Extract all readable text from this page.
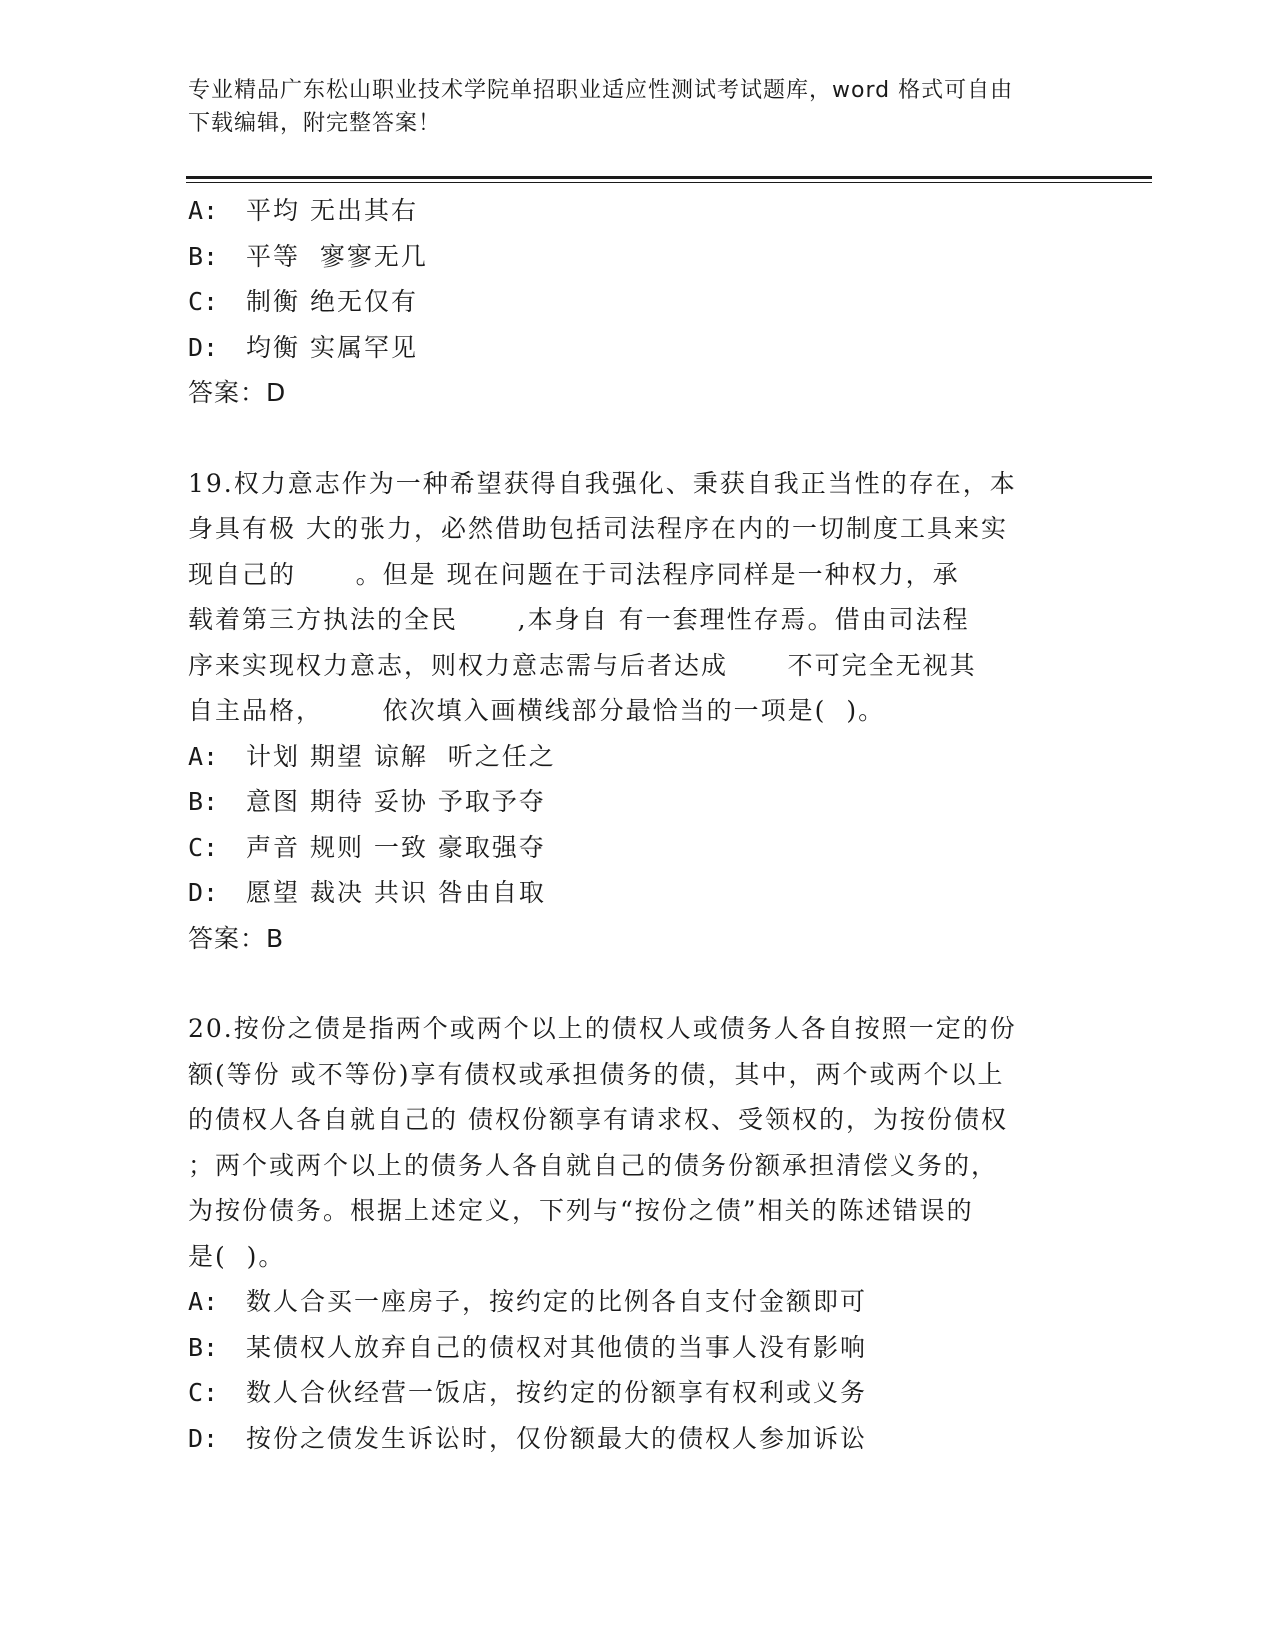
专业精品广东松山职业技术学院单招职业适应性测试考试题库，word 格式可自由
下载编辑，附完整答案！
A:	平均 无出其右
B:	平等  寥寥无几
C:	制衡 绝无仅有
D:	均衡 实属罕见
答案：D
19.权力意志作为一种希望获得自我强化、秉获自我正当性的存在，本
身具有极 大的张力，必然借助包括司法程序在内的一切制度工具来实
现自己的      。但是 现在问题在于司法程序同样是一种权力，承
载着第三方执法的全民      ,本身自 有一套理性存焉。借由司法程
序来实现权力意志，则权力意志需与后者达成      不可完全无视其
自主品格，      依次填入画横线部分最恰当的一项是(  )。
A:	计划 期望 谅解  听之任之
B:	意图 期待 妥协 予取予夺
C:	声音 规则 一致 豪取强夺
D:	愿望 裁决 共识 咎由自取
答案：B
20.按份之债是指两个或两个以上的债权人或债务人各自按照一定的份
额(等份 或不等份)享有债权或承担债务的债，其中，两个或两个以上
的债权人各自就自己的 债权份额享有请求权、受领权的，为按份债权
；两个或两个以上的债务人各自就自己的债务份额承担清偿义务的，
为按份债务。根据上述定义，下列与“按份之债”相关的陈述错误的
是(  )。
A:	数人合买一座房子，按约定的比例各自支付金额即可
B:	某债权人放弃自己的债权对其他债的当事人没有影响
C:	数人合伙经营一饭店，按约定的份额享有权利或义务
D:	按份之债发生诉讼时，仅份额最大的债权人参加诉讼
